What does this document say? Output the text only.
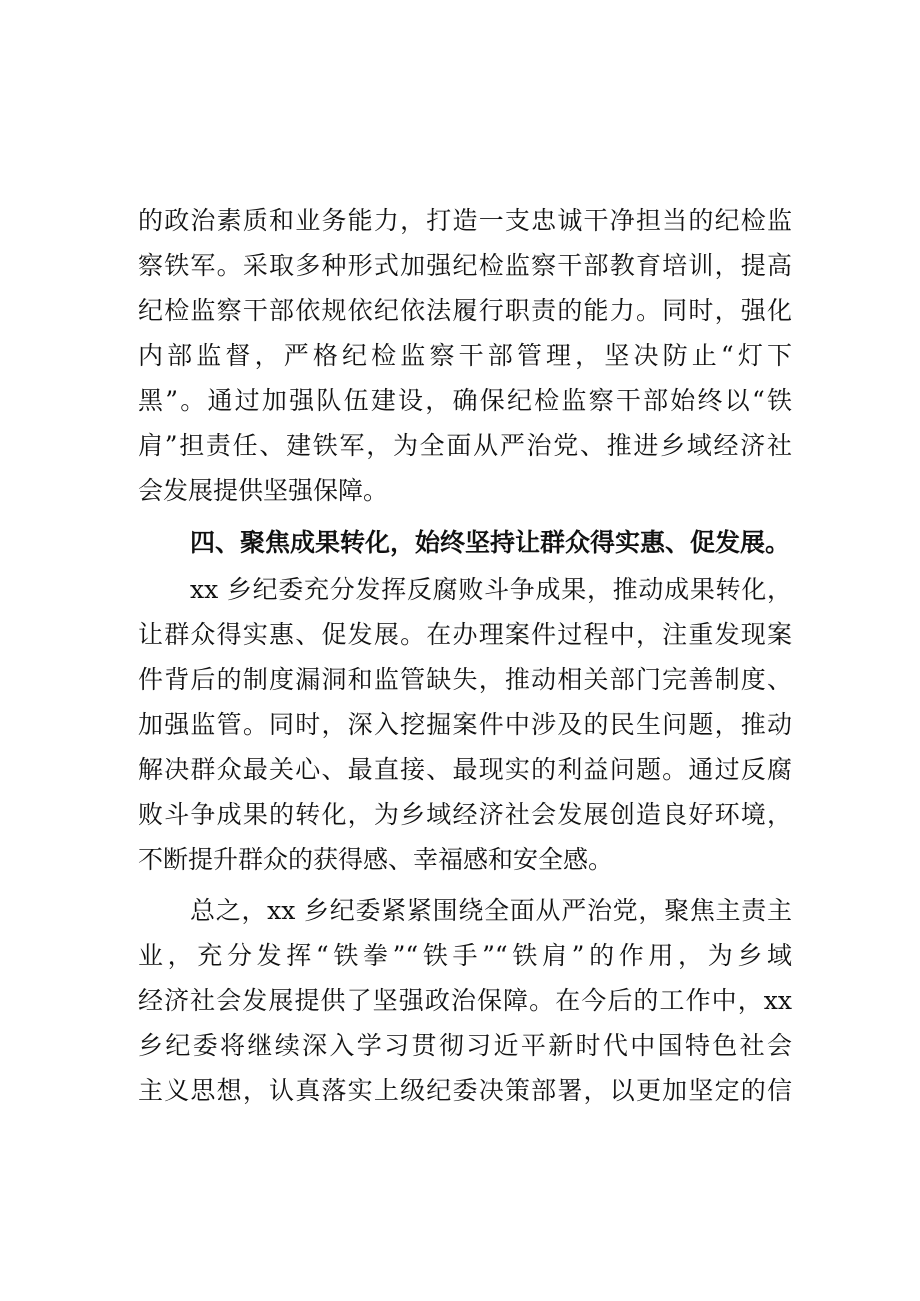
的政治素质和业务能力，打造一支忠诚干净担当的纪检监
察铁军。采取多种形式加强纪检监察干部教育培训，提高
纪检监察干部依规依纪依法履行职责的能力。同时，强化
内部监督，严格纪检监察干部管理，坚决防止“灯下
黑”。通过加强队伍建设，确保纪检监察干部始终以“铁
肩”担责任、建铁军，为全面从严治党、推进乡域经济社
会发展提供坚强保障。
四、聚焦成果转化，始终坚持让群众得实惠、促发展。
xx 乡纪委充分发挥反腐败斗争成果，推动成果转化，
让群众得实惠、促发展。在办理案件过程中，注重发现案
件背后的制度漏洞和监管缺失，推动相关部门完善制度、
加强监管。同时，深入挖掘案件中涉及的民生问题，推动
解决群众最关心、最直接、最现实的利益问题。通过反腐
败斗争成果的转化，为乡域经济社会发展创造良好环境，
不断提升群众的获得感、幸福感和安全感。
总之，xx 乡纪委紧紧围绕全面从严治党，聚焦主责主
业，充分发挥“铁拳”“铁手”“铁肩”的作用，为乡域
经济社会发展提供了坚强政治保障。在今后的工作中，xx
乡纪委将继续深入学习贯彻习近平新时代中国特色社会
主义思想，认真落实上级纪委决策部署，以更加坚定的信
